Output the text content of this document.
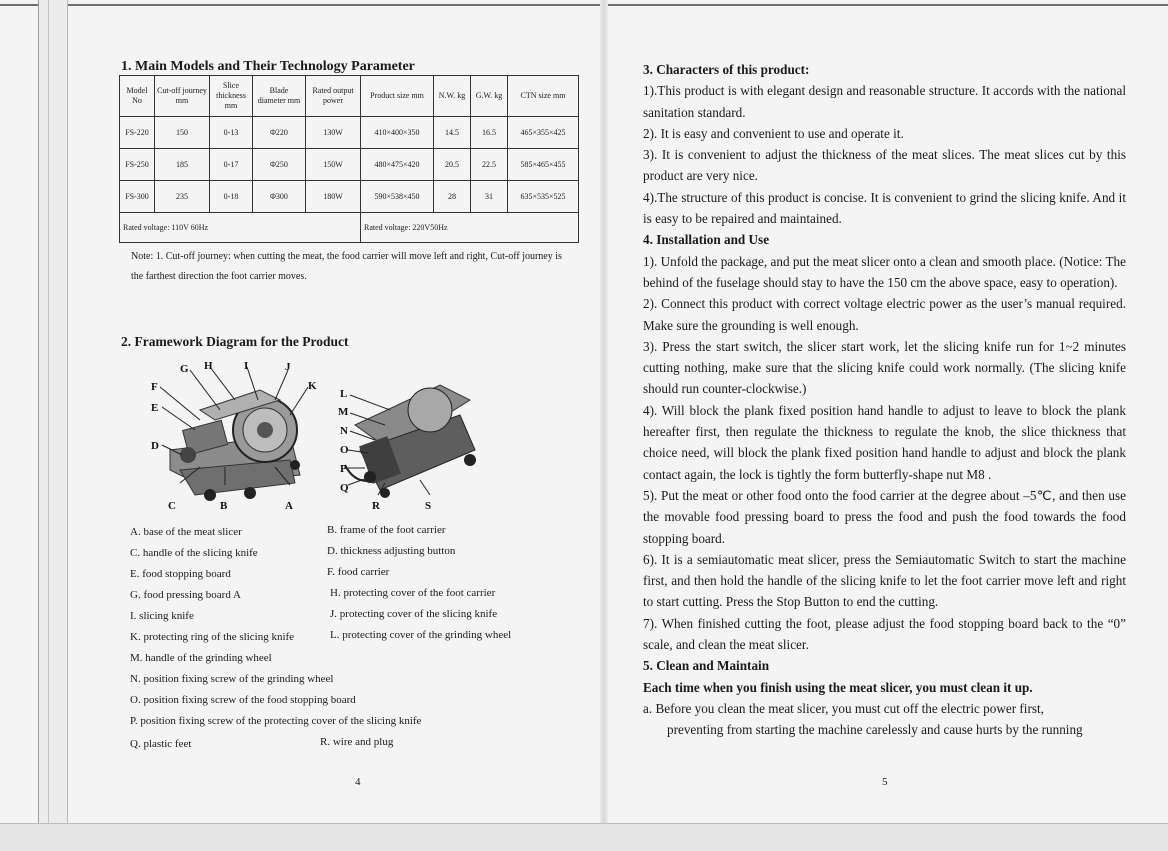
1. Main Models and Their Technology Parameter
Model No	Cut-off journey mm	Slice thickness mm	Blade diameter mm	Rated output power	Product size mm	N.W. kg	G.W. kg	CTN size mm
FS-220	150	0-13	Φ220	130W	410×400×350	14.5	16.5	465×355×425
FS-250	185	0-17	Φ250	150W	480×475×420	20.5	22.5	585×465×455
FS-300	235	0-18	Φ300	180W	590×538×450	28	31	635×535×525
Rated voltage: 110V 60Hz					Rated voltage: 220V50Hz			
Note: 1. Cut-off journey: when cutting the meat, the food carrier will move left and right, Cut-off journey is
the farthest direction the foot carrier moves.
2. Framework Diagram for the Product
G H	I	J
F	K
E
D
C	B	A
L
M
N
O
P
Q
R	S
A. base of the meat slicer	B. frame of the foot carrier
C. handle of the slicing knife	D. thickness adjusting button
E. food stopping board	F. food carrier
G. food pressing board A	H. protecting cover of the foot carrier
I. slicing knife	J. protecting cover of the slicing knife
K. protecting ring of the slicing knife	L. protecting cover of the grinding wheel
M. handle of the grinding wheel
N. position fixing screw of the grinding wheel
O. position fixing screw of the food stopping board
P. position fixing screw of the protecting cover of the slicing knife
Q. plastic feet	R. wire and plug
4

3. Characters of this product:

1).This product is with elegant design and reasonable structure. It accords with the national sanitation standard.

2). It is easy and convenient to use and operate it.

3). It is convenient to adjust the thickness of the meat slices. The meat slices cut by this product are very nice.

4).The structure of this product is concise. It is convenient to grind the slicing knife. And it is easy to be repaired and maintained.

4. Installation and Use

1). Unfold the package, and put the meat slicer onto a clean and smooth place. (Notice: The behind of the fuselage should stay to have the 150 cm the above space, easy to operation).

2). Connect this product with correct voltage electric power as the user’s manual required. Make sure the grounding is well enough.

3). Press the start switch, the slicer start work, let the slicing knife run for 1~2 minutes cutting nothing, make sure that the slicing knife could work normally. (The slicing knife should run counter-clockwise.)

4). Will block the plank fixed position hand handle to adjust to leave to block the plank hereafter first, then regulate the thickness to regulate the knob, the slice thickness that choice need, will block the plank fixed position hand handle to adjust and block the plank contact again, the lock is tightly the form butterfly-shape nut M8 .

5). Put the meat or other food onto the food carrier at the degree about –5℃, and then use the movable food pressing board to press the food and push the food towards the food stopping board.

6). It is a semiautomatic meat slicer, press the Semiautomatic Switch to start the machine first, and then hold the handle of the slicing knife to let the foot carrier move left and right to start cutting. Press the Stop Button to end the cutting.

7). When finished cutting the foot, please adjust the food stopping board back to the “0” scale, and clean the meat slicer.

5. Clean and Maintain

Each time when you finish using the meat slicer, you must clean it up.

a. Before you clean the meat slicer, you must cut off the electric power first,

preventing from starting the machine carelessly and cause hurts by the running

5
